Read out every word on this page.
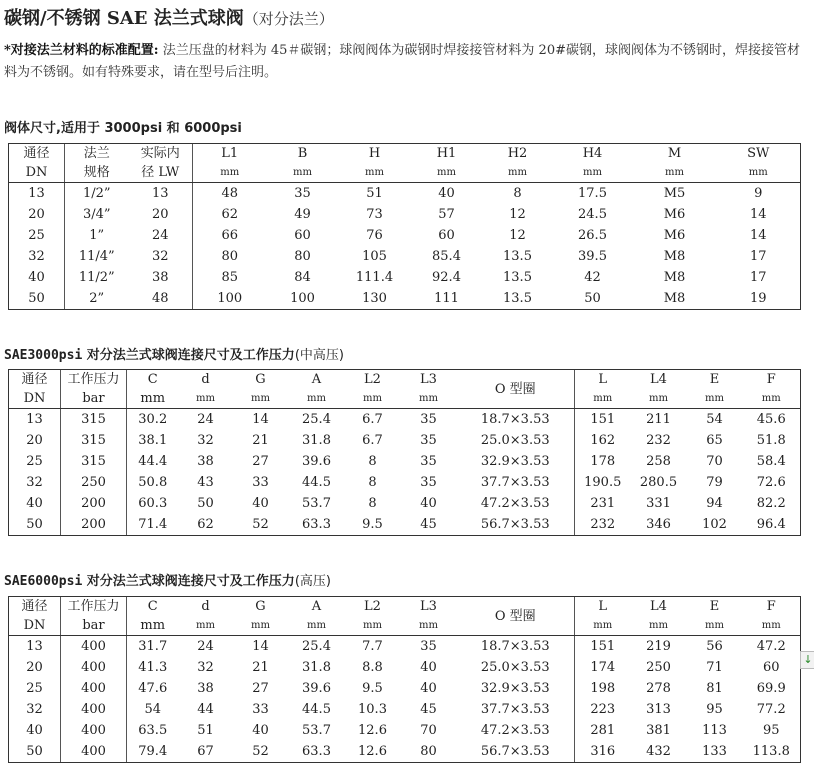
碳钢/不锈钢 SAE 法兰式球阀（对分法兰）
*对接法兰材料的标准配置: 法兰压盘的材料为 45＃碳钢；球阀阀体为碳钢时焊接接管材料为 20#碳钢，球阀阀体为不锈钢时，焊接接管材料为不锈钢。如有特殊要求，请在型号后注明。
阀体尺寸,适用于 3000psi 和 6000psi
通径	法兰	实际内	L1	B	H	H1	H2	H4	M	SW
DN	规格	径 LW	mm	mm	mm	mm	mm	mm	mm	mm
13	1/2”	13	48	35	51	40	8	17.5	M5	9
20	3/4”	20	62	49	73	57	12	24.5	M6	14
25	1”	24	66	60	76	60	12	26.5	M6	14
32	11/4”	32	80	80	105	85.4	13.5	39.5	M8	17
40	11/2”	38	85	84	111.4	92.4	13.5	42	M8	17
50	2”	48	100	100	130	111	13.5	50	M8	19
SAE3000psi 对分法兰式球阀连接尺寸及工作压力(中高压)
通径	工作压力	C	d	G	A	L2	L3	O 型圈	L	L4	E	F
DN	bar	mm	mm	mm	mm	mm	mm		mm	mm	mm	mm
13	315	30.2	24	14	25.4	6.7	35	18.7×3.53	151	211	54	45.6
20	315	38.1	32	21	31.8	6.7	35	25.0×3.53	162	232	65	51.8
25	315	44.4	38	27	39.6	8	35	32.9×3.53	178	258	70	58.4
32	250	50.8	43	33	44.5	8	35	37.7×3.53	190.5	280.5	79	72.6
40	200	60.3	50	40	53.7	8	40	47.2×3.53	231	331	94	82.2
50	200	71.4	62	52	63.3	9.5	45	56.7×3.53	232	346	102	96.4
SAE6000psi 对分法兰式球阀连接尺寸及工作压力(高压)
通径	工作压力	C	d	G	A	L2	L3	O 型圈	L	L4	E	F
DN	bar	mm	mm	mm	mm	mm	mm		mm	mm	mm	mm
13	400	31.7	24	14	25.4	7.7	35	18.7×3.53	151	219	56	47.2
20	400	41.3	32	21	31.8	8.8	40	25.0×3.53	174	250	71	60
25	400	47.6	38	27	39.6	9.5	40	32.9×3.53	198	278	81	69.9
32	400	54	44	33	44.5	10.3	45	37.7×3.53	223	313	95	77.2
40	400	63.5	51	40	53.7	12.6	70	47.2×3.53	281	381	113	95
50	400	79.4	67	52	63.3	12.6	80	56.7×3.53	316	432	133	113.8
↓
